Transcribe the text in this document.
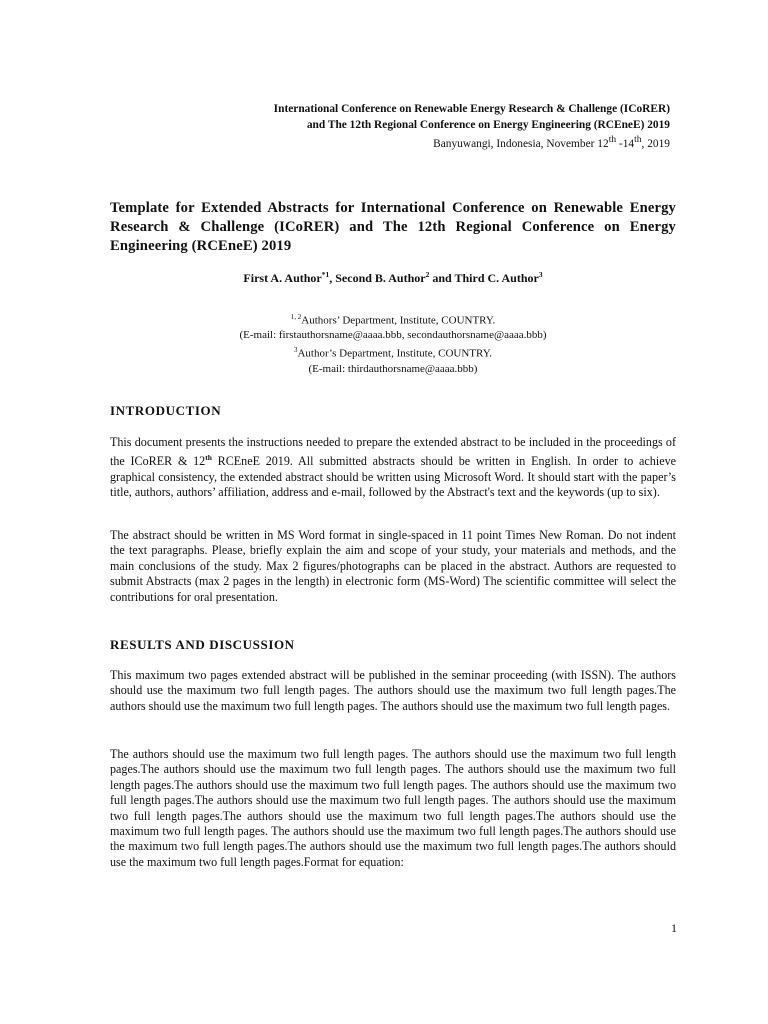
International Conference on Renewable Energy Research & Challenge (ICoRER)
and The 12th Regional Conference on Energy Engineering (RCEneE) 2019
Banyuwangi, Indonesia, November 12th -14th, 2019
Template for Extended Abstracts for International Conference on Renewable Energy Research & Challenge (ICoRER) and The 12th Regional Conference on Energy Engineering (RCEneE) 2019
First A. Author$^{*1}$, Second B. Author$^2$ and Third C. Author$^3$
$^{1, 2}$Authors’ Department, Institute, COUNTRY.
(E-mail: firstauthorsname@aaaa.bbb, secondauthorsname@aaaa.bbb)
$^3$Author’s Department, Institute, COUNTRY.
(E-mail: thirdauthorsname@aaaa.bbb)
INTRODUCTION

This document presents the instructions needed to prepare the extended abstract to be included in the proceedings of the ICoRER & 12th RCEneE 2019. All submitted abstracts should be written in English. In order to achieve graphical consistency, the extended abstract should be written using Microsoft Word. It should start with the paper’s title, authors, authors’ affiliation, address and e-mail, followed by the Abstract's text and the keywords (up to six).

The abstract should be written in MS Word format in single-spaced in 11 point Times New Roman. Do not indent the text paragraphs. Please, briefly explain the aim and scope of your study, your materials and methods, and the main conclusions of the study. Max 2 figures/photographs can be placed in the abstract. Authors are requested to submit Abstracts (max 2 pages in the length) in electronic form (MS-Word) The scientific committee will select the contributions for oral presentation.

RESULTS AND DISCUSSION

This maximum two pages extended abstract will be published in the seminar proceeding (with ISSN). The authors should use the maximum two full length pages. The authors should use the maximum two full length pages.The authors should use the maximum two full length pages. The authors should use the maximum two full length pages.

The authors should use the maximum two full length pages. The authors should use the maximum two full length pages.The authors should use the maximum two full length pages. The authors should use the maximum two full length pages.The authors should use the maximum two full length pages. The authors should use the maximum two full length pages.The authors should use the maximum two full length pages. The authors should use the maximum two full length pages.The authors should use the maximum two full length pages.The authors should use the maximum two full length pages. The authors should use the maximum two full length pages.The authors should use the maximum two full length pages.The authors should use the maximum two full length pages.The authors should use the maximum two full length pages.Format for equation:

1
